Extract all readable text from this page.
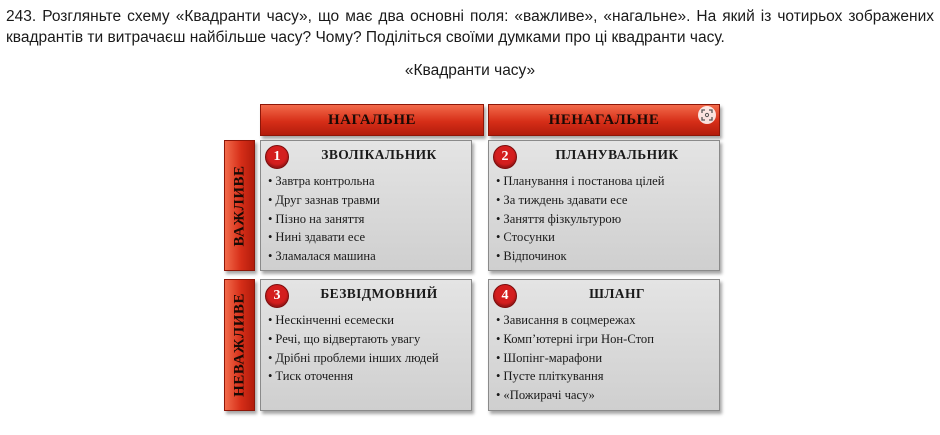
243. Розгляньте схему «Квадранти часу», що має два основні поля: «важливе», «нагальне». На який із чотирьох зображених квадрантів ти витрачаєш найбільше часу? Чому? Поділіться своїми думками про ці квадранти часу.
«Квадранти часу»
НАГАЛЬНЕ	НЕНАГАЛЬНЕ
ВАЖЛИВЕ
НЕВАЖЛИВЕ
1	ЗВОЛІКАЛЬНИК
• Завтра контрольна
• Друг зазнав травми
• Пізно на заняття
• Нині здавати есе
• Зламалася машина
2	ПЛАНУВАЛЬНИК
• Планування і постанова цілей
• За тиждень здавати есе
• Заняття фізкультурою
• Стосунки
• Відпочинок
3	БЕЗВІДМОВНИЙ
• Нескінченні есемески
• Речі, що відвертають увагу
• Дрібні проблеми інших людей
• Тиск оточення
4	ШЛАНГ
• Зависання в соцмережах
• Комп’ютерні ігри Нон-Стоп
• Шопінг-марафони
• Пусте пліткування
• «Пожирачі часу»
